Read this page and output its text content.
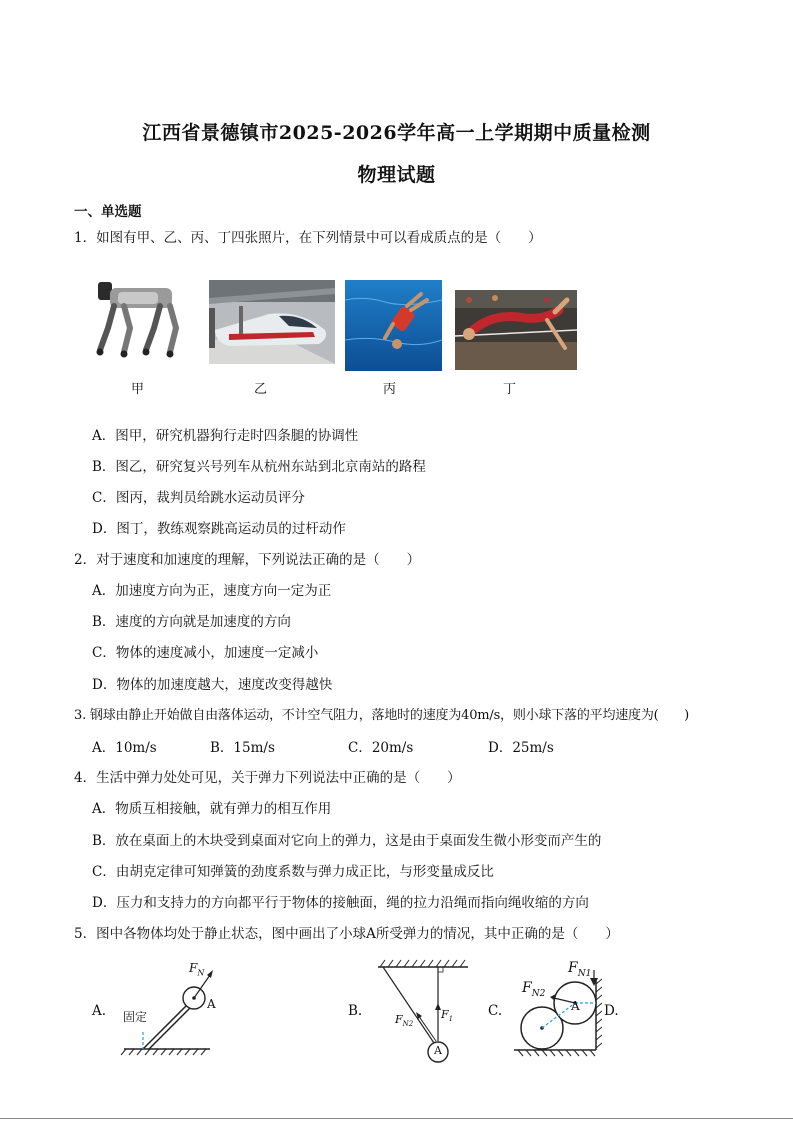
江西省景德镇市2025-2026学年高一上学期期中质量检测
物理试题
一、单选题
1．如图有甲、乙、丙、丁四张照片，在下列情景中可以看成质点的是（　　）
甲	乙	丙	丁
A．图甲，研究机器狗行走时四条腿的协调性
B．图乙，研究复兴号列车从杭州东站到北京南站的路程
C．图丙，裁判员给跳水运动员评分
D．图丁，教练观察跳高运动员的过杆动作
2．对于速度和加速度的理解，下列说法正确的是（　　）
A．加速度方向为正，速度方向一定为正
B．速度的方向就是加速度的方向
C．物体的速度减小，加速度一定减小
D．物体的加速度越大，速度改变得越快
3. 钢球由静止开始做自由落体运动，不计空气阻力，落地时的速度为40m/s，则小球下落的平均速度为(　　)
A．10m/s	B．15m/s	C．20m/s	D．25m/s
4．生活中弹力处处可见，关于弹力下列说法中正确的是（　　）
A．物质互相接触，就有弹力的相互作用
B．放在桌面上的木块受到桌面对它向上的弹力，这是由于桌面发生微小形变而产生的
C．由胡克定律可知弹簧的劲度系数与弹力成正比，与形变量成反比
D．压力和支持力的方向都平行于物体的接触面，绳的拉力沿绳而指向绳收缩的方向
5．图中各物体均处于静止状态，图中画出了小球A所受弹力的情况，其中正确的是（　　）
A.	B.	C.	D.
$F_N$
A
固定	$F_{N2}$
$F_1$
A
$F_{N1}$
$F_{N2}$
A
